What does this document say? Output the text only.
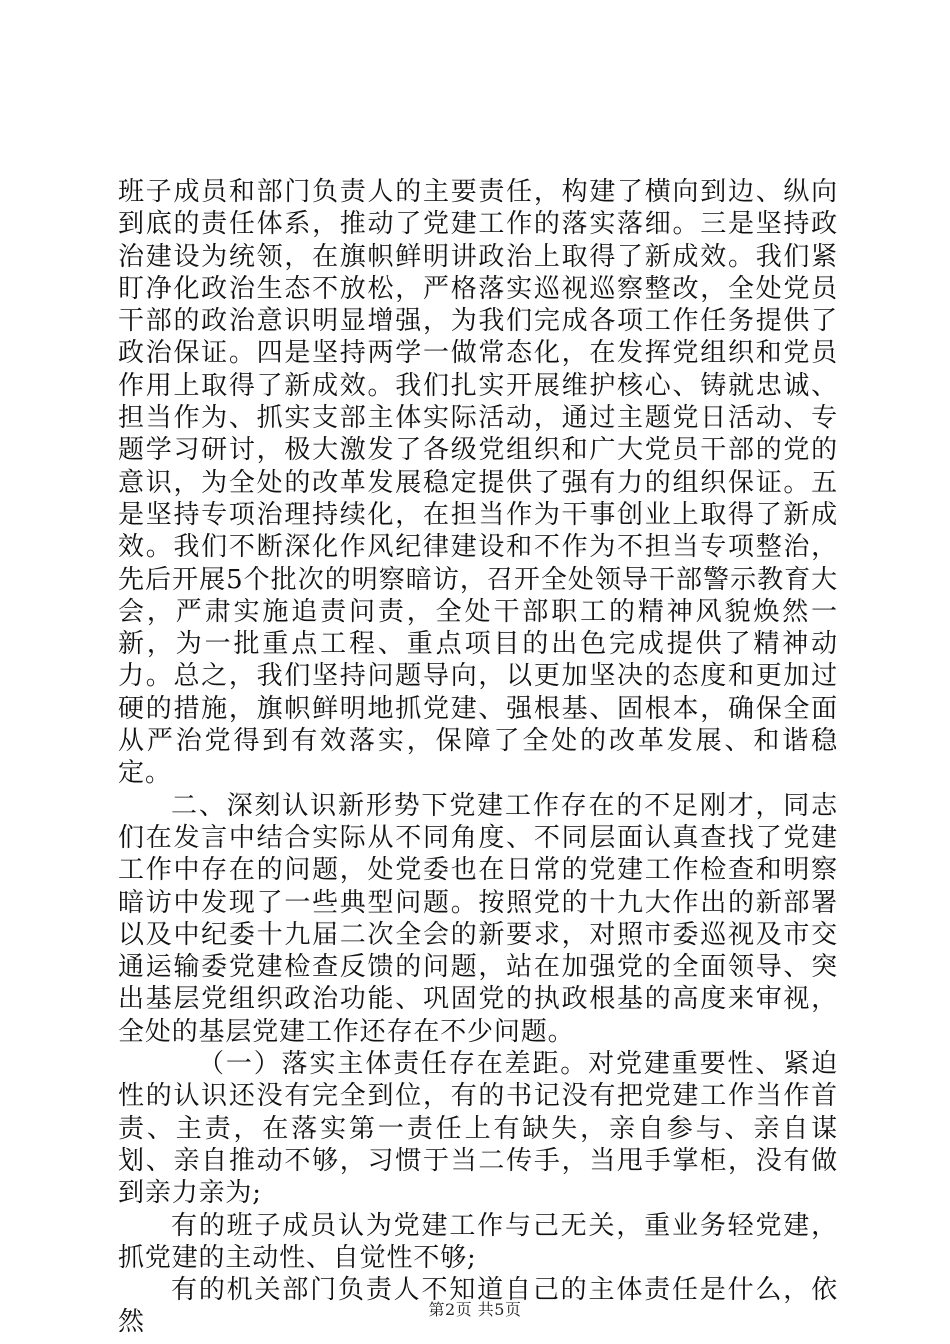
班子成员和部门负责人的主要责任，构建了横向到边、纵向到底的责任体系，推动了党建工作的落实落细。三是坚持政治建设为统领，在旗帜鲜明讲政治上取得了新成效。我们紧盯净化政治生态不放松，严格落实巡视巡察整改，全处党员干部的政治意识明显增强，为我们完成各项工作任务提供了政治保证。四是坚持两学一做常态化，在发挥党组织和党员作用上取得了新成效。我们扎实开展维护核心、铸就忠诚、担当作为、抓实支部主体实际活动，通过主题党日活动、专题学习研讨，极大激发了各级党组织和广大党员干部的党的意识，为全处的改革发展稳定提供了强有力的组织保证。五是坚持专项治理持续化，在担当作为干事创业上取得了新成效。我们不断深化作风纪律建设和不作为不担当专项整治，先后开展5个批次的明察暗访，召开全处领导干部警示教育大会，严肃实施追责问责，全处干部职工的精神风貌焕然一新，为一批重点工程、重点项目的出色完成提供了精神动力。总之，我们坚持问题导向，以更加坚决的态度和更加过硬的措施，旗帜鲜明地抓党建、强根基、固根本，确保全面从严治党得到有效落实，保障了全处的改革发展、和谐稳定。

二、深刻认识新形势下党建工作存在的不足刚才，同志们在发言中结合实际从不同角度、不同层面认真查找了党建工作中存在的问题，处党委也在日常的党建工作检查和明察暗访中发现了一些典型问题。按照党的十九大作出的新部署以及中纪委十九届二次全会的新要求，对照市委巡视及市交通运输委党建检查反馈的问题，站在加强党的全面领导、突出基层党组织政治功能、巩固党的执政根基的高度来审视，全处的基层党建工作还存在不少问题。

（一）落实主体责任存在差距。对党建重要性、紧迫性的认识还没有完全到位，有的书记没有把党建工作当作首责、主责，在落实第一责任上有缺失，亲自参与、亲自谋划、亲自推动不够，习惯于当二传手，当甩手掌柜，没有做到亲力亲为;

有的班子成员认为党建工作与己无关，重业务轻党建，抓党建的主动性、自觉性不够;

有的机关部门负责人不知道自己的主体责任是什么，依然	第2页 共5页
